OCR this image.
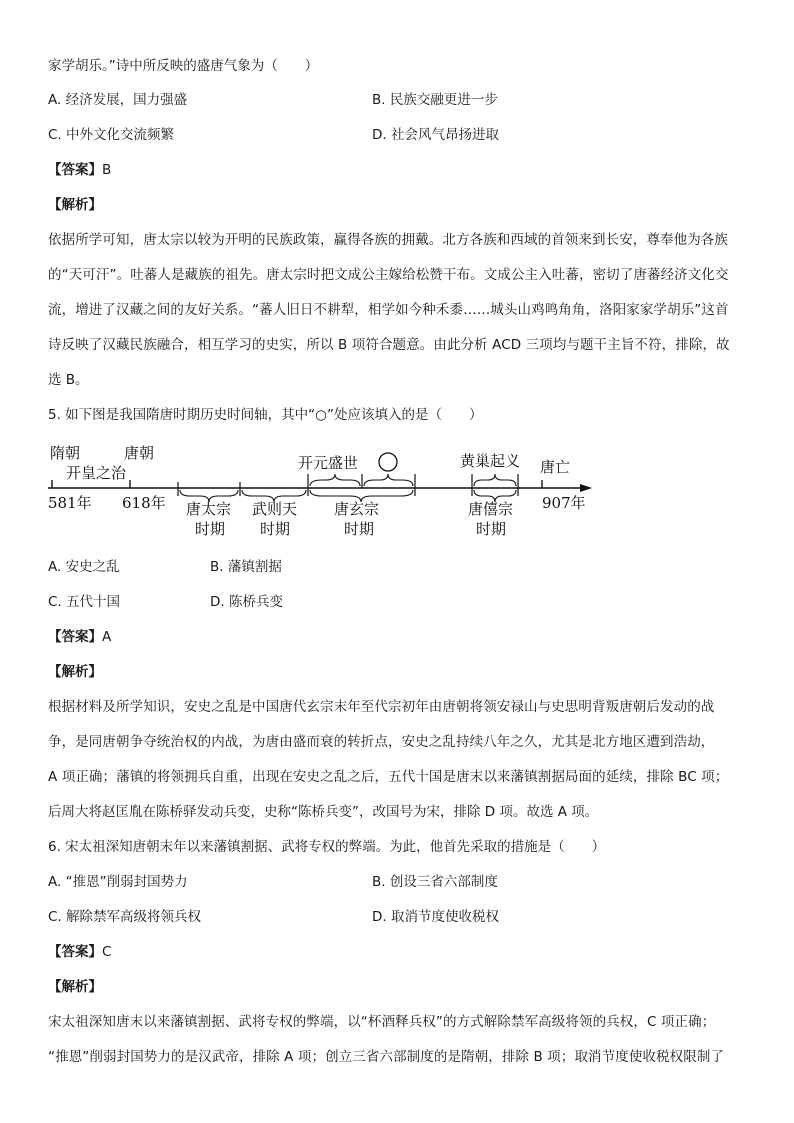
家学胡乐。”诗中所反映的盛唐气象为（　　）
A. 经济发展，国力强盛	B. 民族交融更进一步
C. 中外文化交流频繁	D. 社会风气昂扬进取
【答案】B
【解析】
依据所学可知，唐太宗以较为开明的民族政策，赢得各族的拥戴。北方各族和西域的首领来到长安，尊奉他为各族
的“天可汗”。吐蕃人是藏族的祖先。唐太宗时把文成公主嫁给松赞干布。文成公主入吐蕃，密切了唐蕃经济文化交
流，增进了汉藏之间的友好关系。“蕃人旧日不耕犁，相学如今种禾黍……城头山鸡鸣角角，洛阳家家学胡乐”这首
诗反映了汉藏民族融合，相互学习的史实，所以 B 项符合题意。由此分析 ACD 三项均与题干主旨不符，排除，故
选 B。
5. 如下图是我国隋唐时期历史时间轴，其中“○”处应该填入的是（　　）
隋朝
开皇之治
581年
唐朝
618年 唐太宗
时期
武则天
时期
开元盛世
唐玄宗
时期
黄巢起义
唐僖宗
时期
唐亡
907年
A. 安史之乱	B. 藩镇割据
C. 五代十国	D. 陈桥兵变
【答案】A
【解析】
根据材料及所学知识，安史之乱是中国唐代玄宗末年至代宗初年由唐朝将领安禄山与史思明背叛唐朝后发动的战
争，是同唐朝争夺统治权的内战，为唐由盛而衰的转折点，安史之乱持续八年之久，尤其是北方地区遭到浩劫，
A 项正确；藩镇的将领拥兵自重，出现在安史之乱之后，五代十国是唐末以来藩镇割据局面的延续，排除 BC 项；
后周大将赵匡胤在陈桥驿发动兵变，史称“陈桥兵变”，改国号为宋，排除 D 项。故选 A 项。
6. 宋太祖深知唐朝末年以来藩镇割据、武将专权的弊端。为此，他首先采取的措施是（　　）
A. “推恩”削弱封国势力	B. 创设三省六部制度
C. 解除禁军高级将领兵权	D. 取消节度使收税权
【答案】C
【解析】
宋太祖深知唐末以来藩镇割据、武将专权的弊端，以“杯酒释兵权”的方式解除禁军高级将领的兵权，C 项正确；
“推恩”削弱封国势力的是汉武帝，排除 A 项；创立三省六部制度的是隋朝，排除 B 项；取消节度使收税权限制了
